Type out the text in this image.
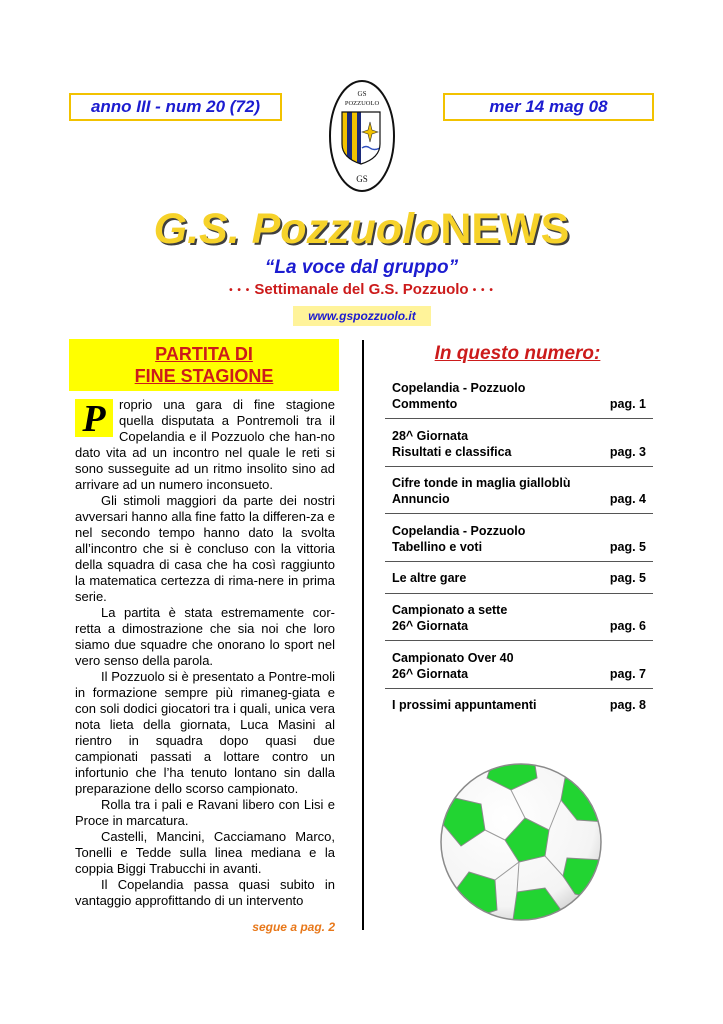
anno III - num 20 (72)
GS
POZZUOLO
GS
mer 14 mag 08
G.S. PozzuoloNEWS
“La voce dal gruppo”
• • • Settimanale del G.S. Pozzuolo • • •
www.gspozzuolo.it
PARTITA DI
FINE STAGIONE

P	roprio una gara di fine stagione quella disputata a Pontremoli tra il Copelandia e il Pozzuolo che han-no dato vita ad un incontro nel quale le reti si sono susseguite ad un ritmo insolito sino ad arrivare ad un numero inconsueto.

Gli stimoli maggiori da parte dei nostri avversari hanno alla fine fatto la differen-za e nel secondo tempo hanno dato la svolta all’incontro che si è concluso con la vittoria della squadra di casa che ha così raggiunto la matematica certezza di rima-nere in prima serie.

La partita è stata estremamente cor-retta a dimostrazione che sia noi che loro siamo due squadre che onorano lo sport nel vero senso della parola.

Il Pozzuolo si è presentato a Pontre-moli in formazione sempre più rimaneg-giata e con soli dodici giocatori tra i quali, unica vera nota lieta della giornata, Luca Masini al rientro in squadra dopo quasi due campionati passati a lottare contro un infortunio che l’ha tenuto lontano sin dalla preparazione dello scorso campionato.

Rolla tra i pali e Ravani libero con Lisi e Proce in marcatura.

Castelli, Mancini, Cacciamano Marco, Tonelli e Tedde sulla linea mediana e la coppia Biggi Trabucchi in avanti.

Il Copelandia passa quasi subito in vantaggio approfittando di un intervento

segue a pag. 2
In questo numero:
Copelandia - Pozzuolo
Commento	pag. 1
28^ Giornata
Risultati e classifica	pag. 3
Cifre tonde in maglia gialloblù
Annuncio	pag. 4
Copelandia - Pozzuolo
Tabellino e voti	pag. 5
Le altre gare	pag. 5
Campionato a sette
26^ Giornata	pag. 6
Campionato Over 40
26^ Giornata	pag. 7
I prossimi appuntamenti	pag. 8
